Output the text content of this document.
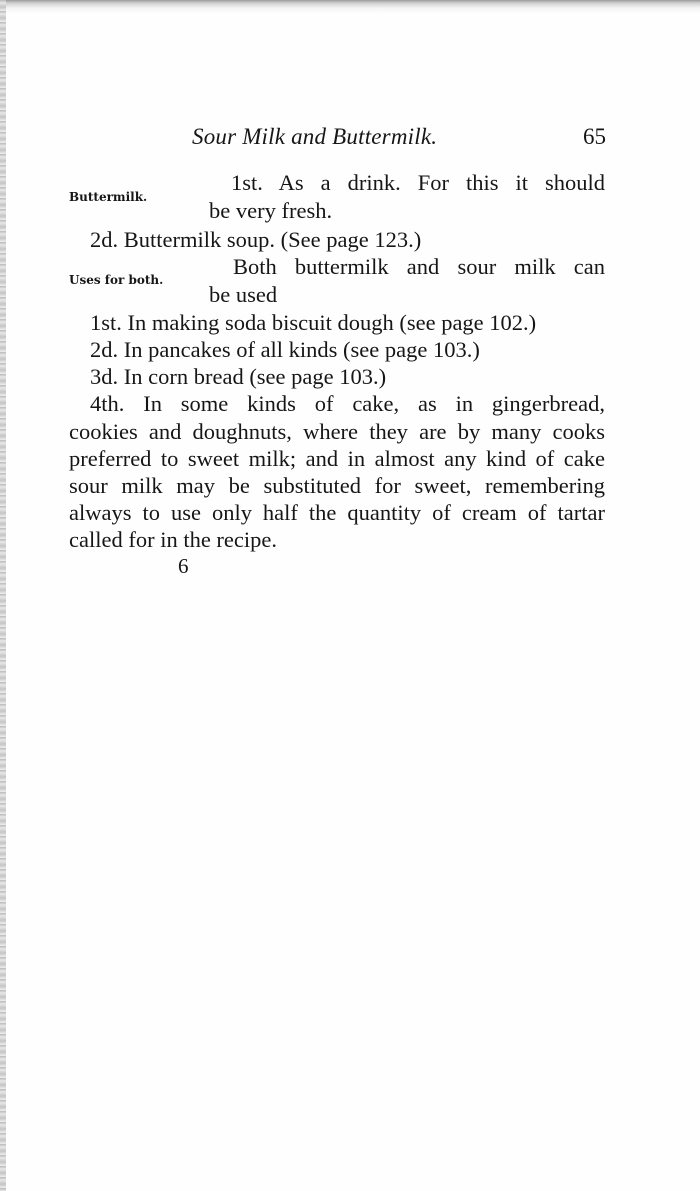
Sour Milk and Buttermilk.	65
Buttermilk.
Uses for both.
1st. As a drink. For this it should
be very fresh.
2d. Buttermilk soup. (See page 123.)
Both buttermilk and sour milk can
be used
1st. In making soda biscuit dough (see page 102.)
2d. In pancakes of all kinds (see page 103.)
3d. In corn bread (see page 103.)
4th. In some kinds of cake, as in gingerbread,
cookies and doughnuts, where they are by many cooks
preferred to sweet milk; and in almost any kind of cake
sour milk may be substituted for sweet, remembering
always to use only half the quantity of cream of tartar
called for in the recipe.
6
